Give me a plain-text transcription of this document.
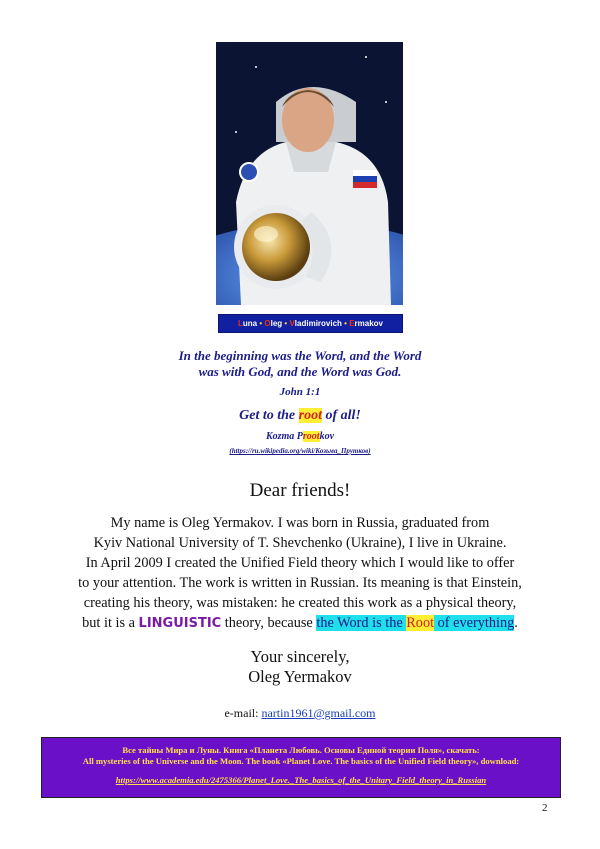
Luna • Oleg • Vladimirovich • Ermakov
In the beginning was the Word, and the Word
was with God, and the Word was God.
John 1:1
Get to the root of all!
Kozma Prootkov
(https://ru.wikipedia.org/wiki/Козьма_Прутков)
Dear friends!
My name is Oleg Yermakov. I was born in Russia, graduated from
Kyiv National University of T. Shevchenko (Ukraine), I live in Ukraine.
In April 2009 I created the Unified Field theory which I would like to offer
to your attention. The work is written in Russian. Its meaning is that Einstein,
creating his theory, was mistaken: he created this work as a physical theory,
but it is a LINGUISTIC theory, because the Word is the Root of everything.
Your sincerely,
Oleg Yermakov
e-mail: nartin1961@gmail.com
Все тайны Мира и Луны. Книга «Планета Любовь. Основы Единой теории Поля», скачать:
All mysteries of the Universe and the Moon. The book «Planet Love. The basics of the Unified Field theory», download:
https://www.academia.edu/2475366/Planet_Love._The_basics_of_the_Unitary_Field_theory_in_Russian
2
